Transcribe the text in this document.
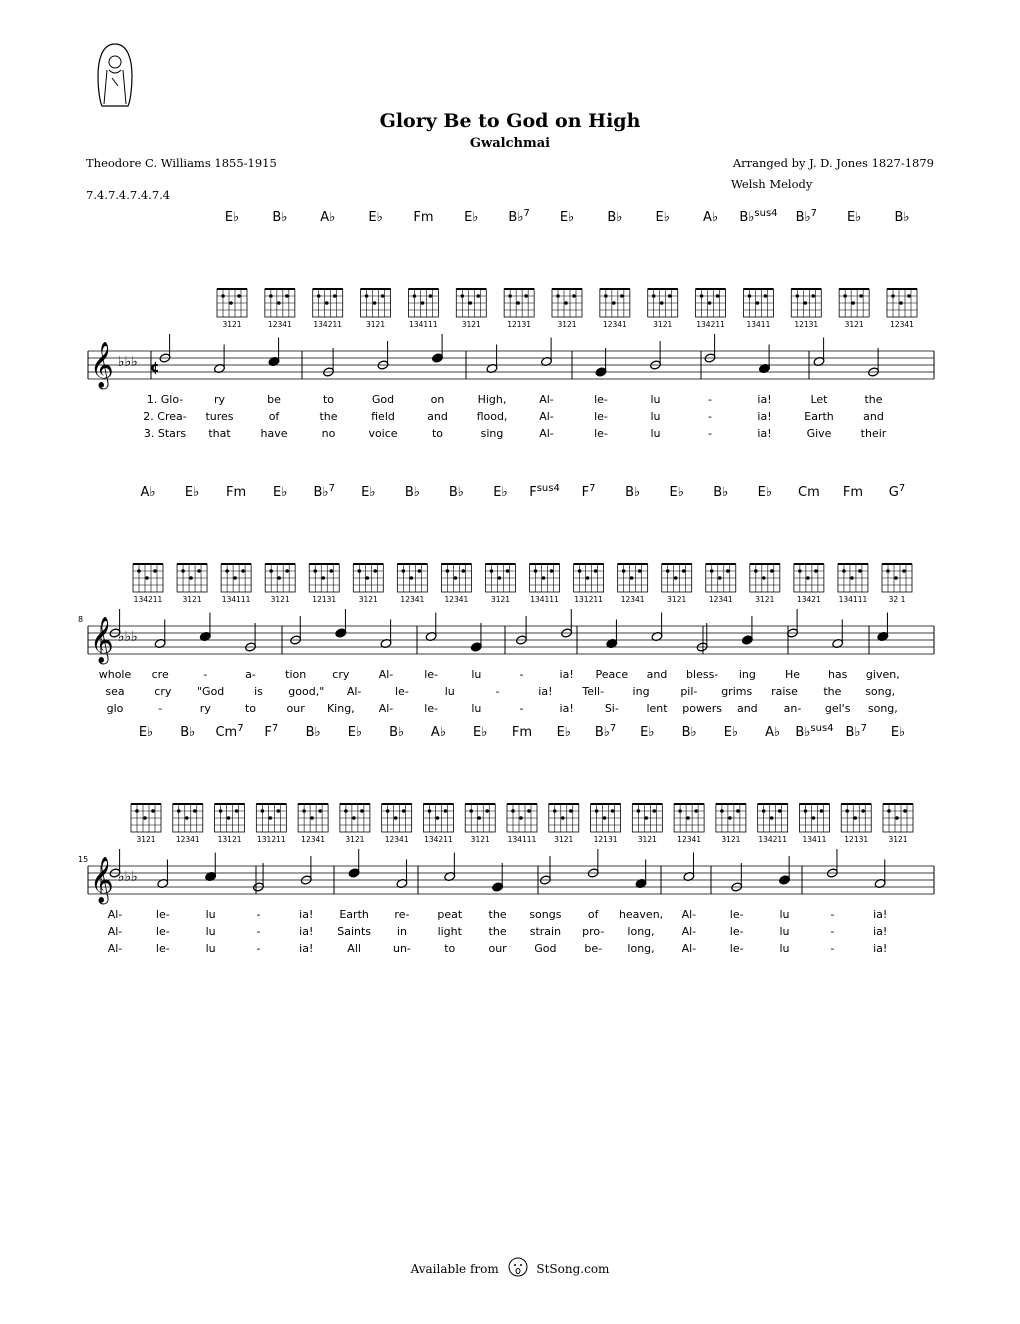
Glory Be to God on High
Gwalchmai
Theodore C. Williams 1855-1915
7.4.7.4.7.4.7.4
Arranged by J. D. Jones 1827-1879
Welsh Melody
E♭
3121
B♭
12341
A♭
134211
E♭
3121
Fm
134111
E♭
3121
B♭$^7$
12131
E♭
3121
B♭
12341
E♭
3121
A♭
134211
B♭$^{sus4}$
13411
B♭$^7$
12131
E♭
3121
B♭
12341
𝄞 ♭♭♭ ¢
1. Glo-	ry	be	to	God	on	High,	Al-	le-	lu	-	ia!	Let	the
2. Crea- tures	of	the	field	and	flood,	Al-	le-	lu	-	ia!	Earth	and
3. Stars that	have	no	voice	to	sing	Al-	le-	lu	-	ia!	Give	their
A♭
134211
E♭
3121
Fm
134111
E♭
3121
B♭$^7$
12131
E♭
3121
B♭
12341
B♭
12341
E♭
3121
$F^{sus4}$
134111
$F^7$
131211
B♭
12341
E♭
3121
B♭
12341
E♭
3121
Cm
13421
Fm
134111
$G^7$
32 1
𝄞 ♭♭♭
8
whole cre	-	a-	tion cry	Al-	le-	lu	-	ia! Peace and bless- ing	He	has given,
sea	cry "God	is good," Al-	le-	lu	-	ia!	Tell-	ing	pil- grims raise the song,
glo	-	ry	to	our King, Al-	le-	lu	-	ia!	Si-	lent powers and an- gel's song,
E♭
3121
B♭
12341
Cm$^7$
13121
$F^7$
131211
B♭
12341
E♭
3121
B♭
12341
A♭
134211
E♭
3121
Fm
134111
E♭
3121
B♭$^7$
12131
E♭
3121
B♭
12341
E♭
3121
A♭
134211
B♭$^{sus4}$
13411
B♭$^7$
12131
E♭
3121
𝄞 ♭♭♭
15
Al-	le-	lu	-	ia! Earth re-	peat the songs of heaven, Al-	le-	lu	-	ia!
Al-	le-	lu	-	ia! Saints in	light the strain pro- long, Al-	le-	lu	-	ia!
Al-	le-	lu	-	ia!	All	un-	to	our	God	be- long, Al-	le-	lu	-	ia!
Available from	StSong.com
